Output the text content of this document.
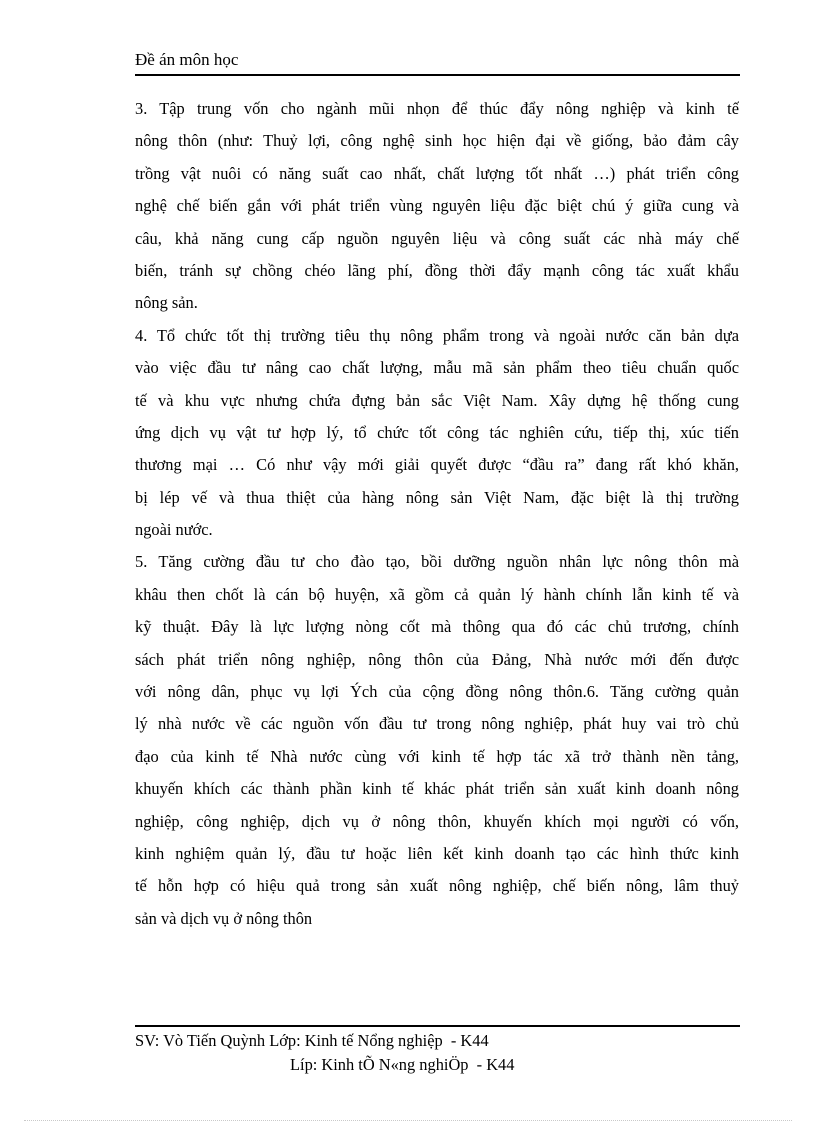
Đề án môn học
3. Tập trung vốn cho ngành mũi nhọn để thúc đẩy nông nghiệp và kinh tế
nông thôn (như: Thuỷ lợi, công nghệ sinh học hiện đại về giống, bảo đảm cây
trồng vật nuôi có năng suất cao nhất, chất lượng tốt nhất …) phát triển công
nghệ chế biến gắn với phát triển vùng nguyên liệu đặc biệt chú ý giữa cung và
câu, khả năng cung cấp nguồn nguyên liệu và công suất các nhà máy chế
biến, tránh sự chồng chéo lãng phí, đồng thời đẩy mạnh công tác xuất khẩu
nông sản.
4. Tổ chức tốt thị trường tiêu thụ nông phẩm trong và ngoài nước căn bản dựa
vào việc đầu tư nâng cao chất lượng, mẫu mã sản phẩm theo tiêu chuẩn quốc
tế và khu vực nhưng chứa đựng bản sắc Việt Nam. Xây dựng hệ thống cung
ứng dịch vụ vật tư hợp lý, tổ chức tốt công tác nghiên cứu, tiếp thị, xúc tiến
thương mại … Có như vậy mới giải quyết được “đầu ra” đang rất khó khăn,
bị lép vế và thua thiệt của hàng nông sản Việt Nam, đặc biệt là thị trường
ngoài nước.
5. Tăng cường đầu tư cho đào tạo, bồi dưỡng nguồn nhân lực nông thôn mà
khâu then chốt là cán bộ huyện, xã gồm cả quản lý hành chính lẫn kinh tế và
kỹ thuật. Đây là lực lượng nòng cốt mà thông qua đó các chủ trương, chính
sách phát triển nông nghiệp, nông thôn của Đảng, Nhà nước mới đến được
với nông dân, phục vụ lợi Ých của cộng đồng nông thôn.6. Tăng cường quản
lý nhà nước về các nguồn vốn đầu tư trong nông nghiệp, phát huy vai trò chủ
đạo của kinh tế Nhà nước cùng với kinh tế hợp tác xã trở thành nền tảng,
khuyến khích các thành phần kinh tế khác phát triển sản xuất kinh doanh nông
nghiệp, công nghiệp, dịch vụ ở nông thôn, khuyến khích mọi người có vốn,
kinh nghiệm quản lý, đầu tư hoặc liên kết kinh doanh tạo các hình thức kinh
tế hỗn hợp có hiệu quả trong sản xuất nông nghiệp, chế biến nông, lâm thuỷ
sản và dịch vụ ở nông thôn
SV: Vò Tiến Quỳnh Lớp: Kinh tế Nổng nghiệp  - K44
Líp: Kinh tÕ N«ng nghiÖp  - K44
